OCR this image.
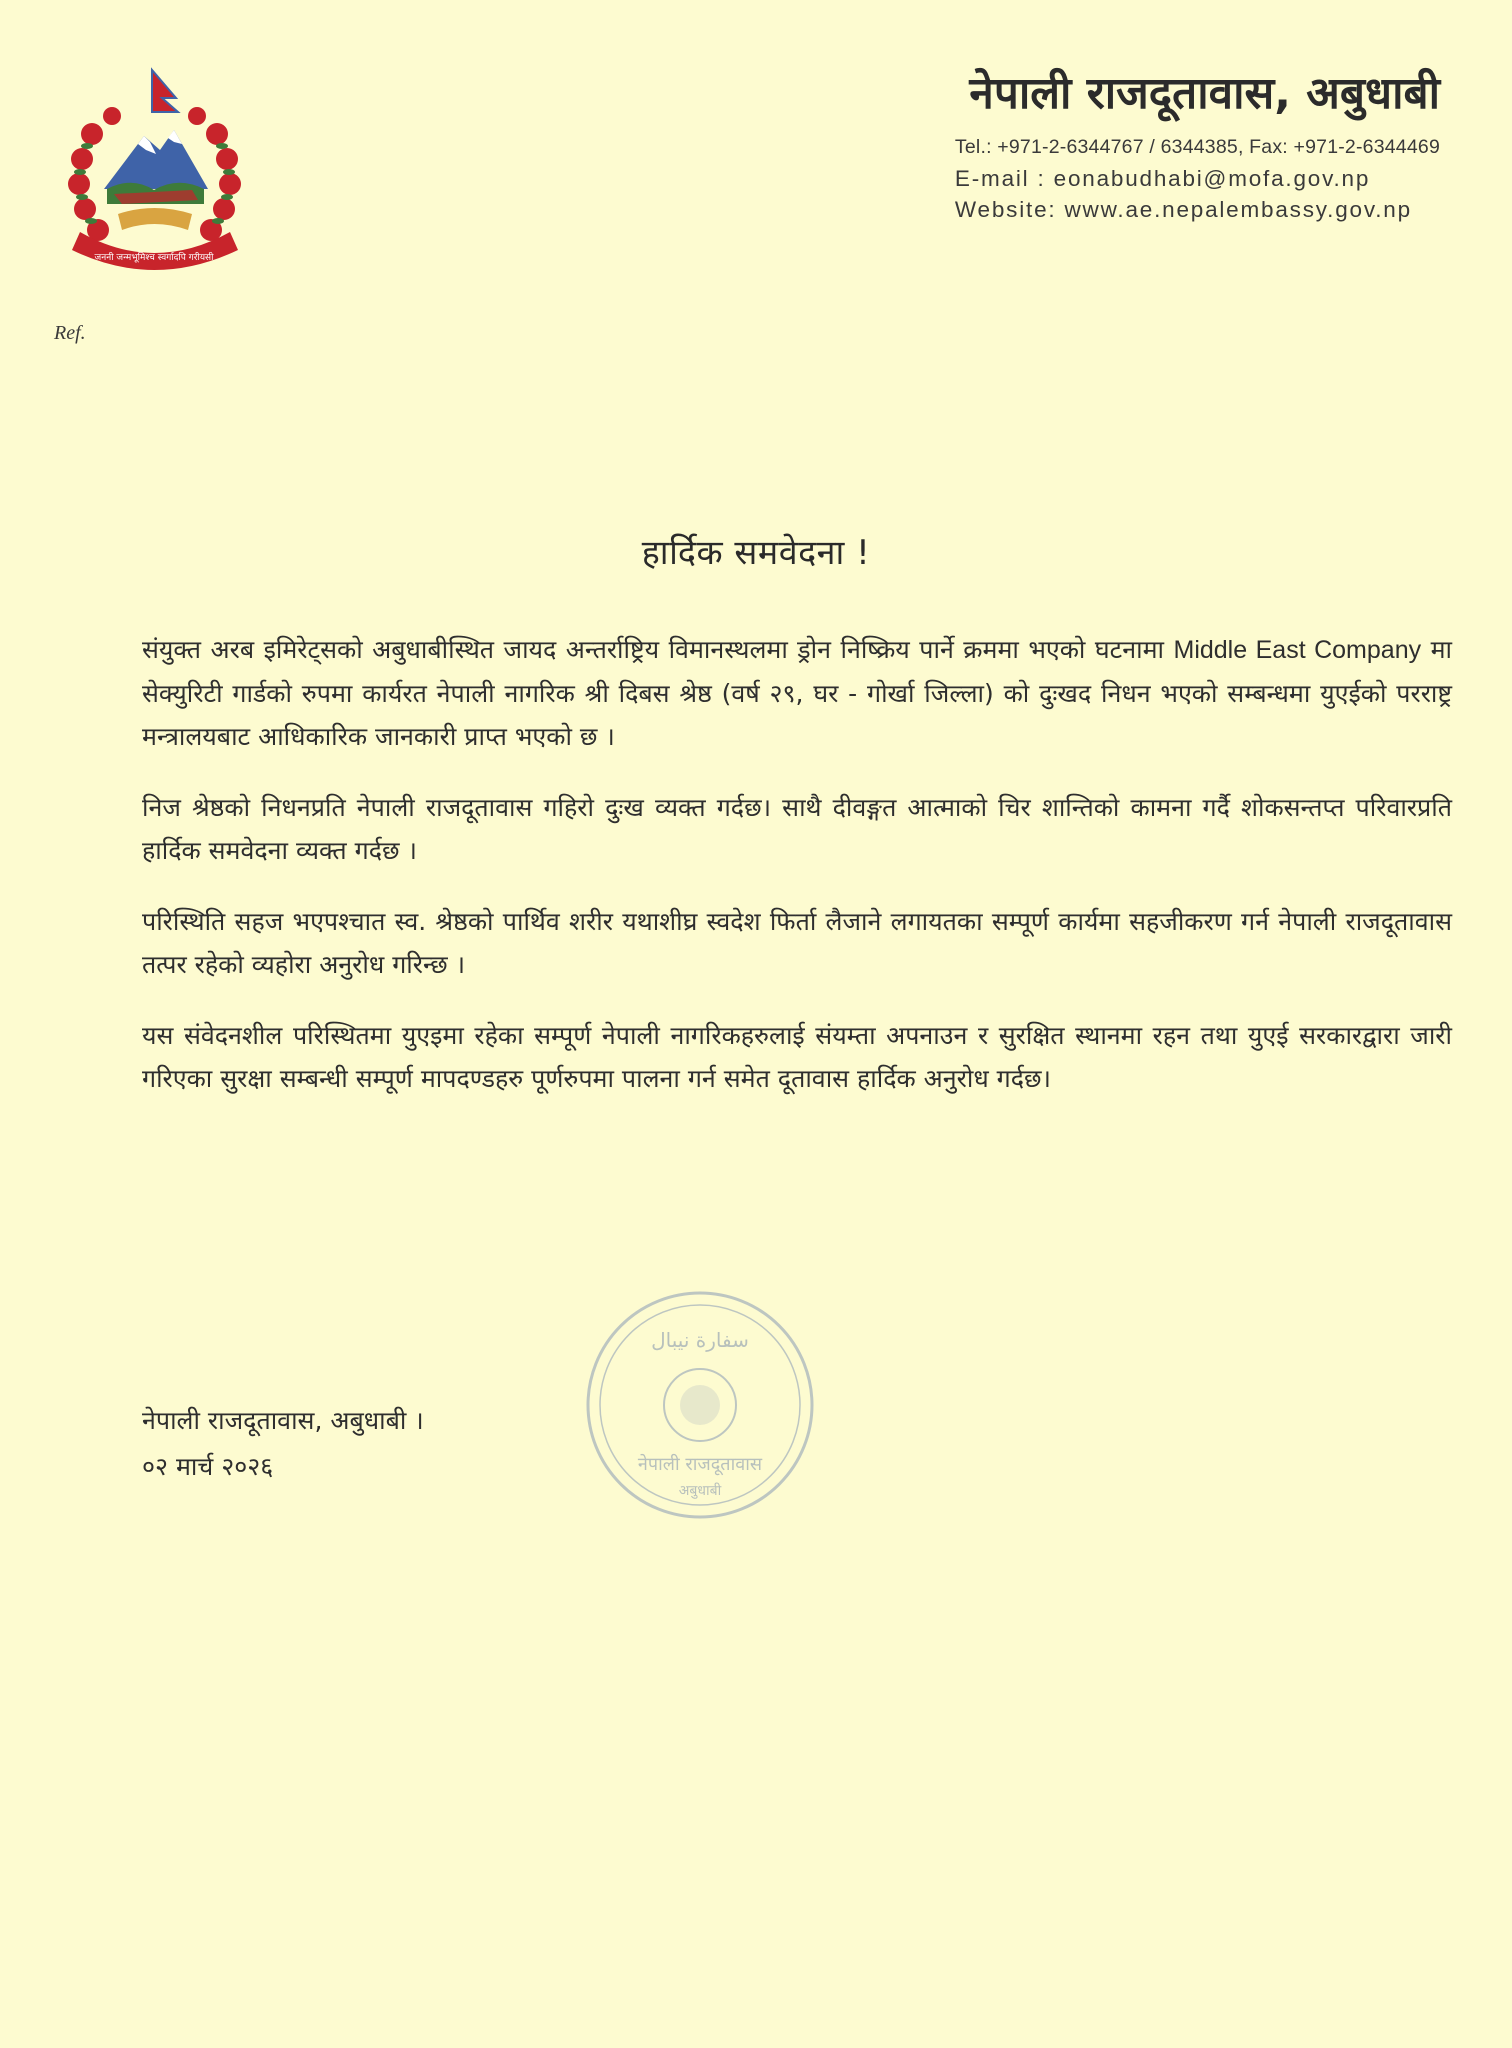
जननी जन्मभूमिश्च स्वर्गादपि गरीयसी
नेपाली राजदूतावास, अबुधाबी
Tel.: +971-2-6344767 / 6344385, Fax: +971-2-6344469
E-mail : eonabudhabi@mofa.gov.np
Website: www.ae.nepalembassy.gov.np
Ref.
हार्दिक समवेदना !

संयुक्त अरब इमिरेट्सको अबुधाबीस्थित जायद अन्तर्राष्ट्रिय विमानस्थलमा ड्रोन निष्क्रिय पार्ने क्रममा भएको घटनामा Middle East Company मा सेक्युरिटी गार्डको रुपमा कार्यरत नेपाली नागरिक श्री दिबस श्रेष्ठ (वर्ष २९, घर - गोर्खा जिल्ला) को दुःखद निधन भएको सम्बन्धमा युएईको परराष्ट्र मन्त्रालयबाट आधिकारिक जानकारी प्राप्त भएको छ ।

निज श्रेष्ठको निधनप्रति नेपाली राजदूतावास गहिरो दुःख व्यक्त गर्दछ। साथै दीवङ्गत आत्माको चिर शान्तिको कामना गर्दै शोकसन्तप्त परिवारप्रति हार्दिक समवेदना व्यक्त गर्दछ ।

परिस्थिति सहज भएपश्चात स्व. श्रेष्ठको पार्थिव शरीर यथाशीघ्र स्वदेश फिर्ता लैजाने लगायतका सम्पूर्ण कार्यमा सहजीकरण गर्न नेपाली राजदूतावास तत्पर रहेको व्यहोरा अनुरोध गरिन्छ ।

यस संवेदनशील परिस्थितमा युएइमा रहेका सम्पूर्ण नेपाली नागरिकहरुलाई संयम्ता अपनाउन र सुरक्षित स्थानमा रहन तथा युएई सरकारद्वारा जारी गरिएका सुरक्षा सम्बन्धी सम्पूर्ण मापदण्डहरु पूर्णरुपमा पालना गर्न समेत दूतावास हार्दिक अनुरोध गर्दछ।

سفارة نيبال
नेपाली राजदूतावास
अबुधाबी
नेपाली राजदूतावास, अबुधाबी ।
०२ मार्च २०२६
